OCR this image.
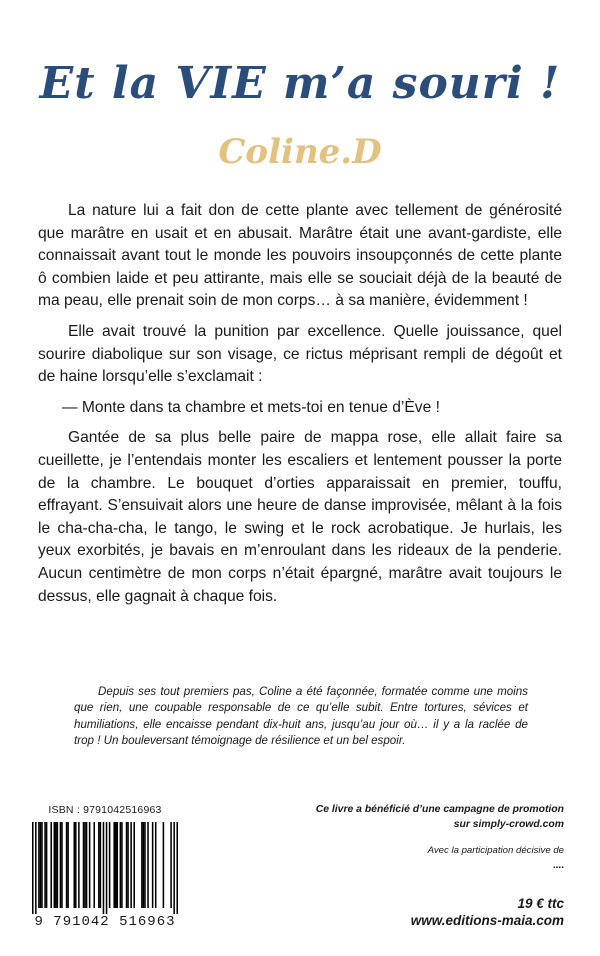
Et la VIE m’a souri !
Coline.D

La nature lui a fait don de cette plante avec tellement de générosité que marâtre en usait et en abusait. Marâtre était une avant-gardiste, elle connaissait avant tout le monde les pouvoirs insoupçonnés de cette plante ô combien laide et peu attirante, mais elle se souciait déjà de la beauté de ma peau, elle prenait soin de mon corps… à sa manière, évidemment !

Elle avait trouvé la punition par excellence. Quelle jouissance, quel sourire diabolique sur son visage, ce rictus méprisant rempli de dégoût et de haine lorsqu’elle s’exclamait :

— Monte dans ta chambre et mets-toi en tenue d’Ève !

Gantée de sa plus belle paire de mappa rose, elle allait faire sa cueillette, je l’entendais monter les escaliers et lentement pousser la porte de la chambre. Le bouquet d’orties apparaissait en premier, touffu, effrayant. S’ensuivait alors une heure de danse improvisée, mêlant à la fois le cha-cha-cha, le tango, le swing et le rock acrobatique. Je hurlais, les yeux exorbités, je bavais en m’enroulant dans les rideaux de la penderie. Aucun centimètre de mon corps n’était épargné, marâtre avait toujours le dessus, elle gagnait à chaque fois.

Depuis ses tout premiers pas, Coline a été façonnée, formatée comme une moins que rien, une coupable responsable de ce qu’elle subit. Entre tortures, sévices et humiliations, elle encaisse pendant dix-huit ans, jusqu’au jour où… il y a la raclée de trop ! Un bouleversant témoignage de résilience et un bel espoir.

ISBN : 9791042516963
9 791042 516963

Ce livre a bénéficié d’une campagne de promotion sur simply-crowd.com

Avec la participation décisive de

....

19 € ttc

www.editions-maia.com
